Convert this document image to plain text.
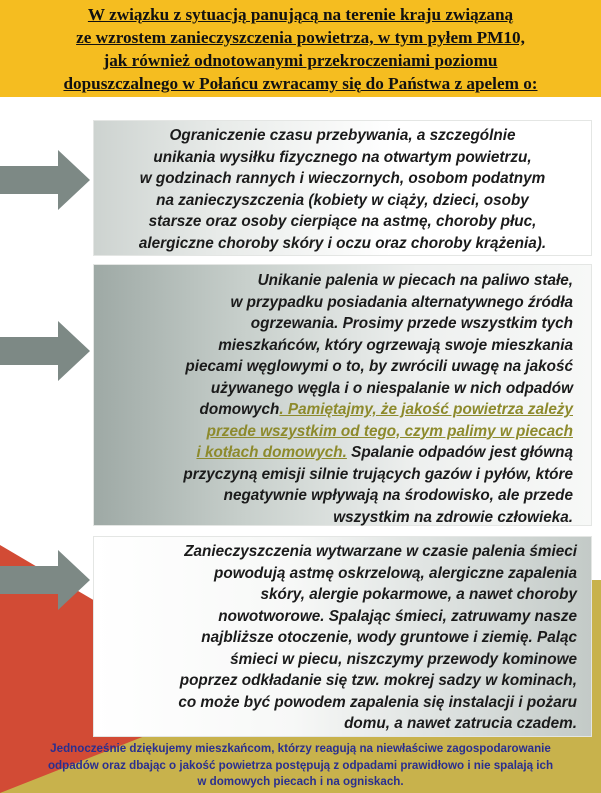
W związku z sytuacją panującą na terenie kraju związaną
ze wzrostem zanieczyszczenia powietrza, w tym pyłem PM10,
jak również odnotowanymi przekroczeniami poziomu
dopuszczalnego w Połańcu zwracamy się do Państwa z apelem o:
Ograniczenie czasu przebywania, a szczególnie
unikania wysiłku fizycznego na otwartym powietrzu,
w godzinach rannych i wieczornych, osobom podatnym
na zanieczyszczenia (kobiety w ciąży, dzieci, osoby
starsze oraz osoby cierpiące na astmę, choroby płuc,
alergiczne choroby skóry i oczu oraz choroby krążenia).
Unikanie palenia w piecach na paliwo stałe,
w przypadku posiadania alternatywnego źródła
ogrzewania. Prosimy przede wszystkim tych
mieszkańców, który ogrzewają swoje mieszkania
piecami węglowymi o to, by zwrócili uwagę na jakość
używanego węgla i o niespalanie w nich odpadów
domowych. Pamiętajmy, że jakość powietrza zależy
przede wszystkim od tego, czym palimy w piecach
i kotłach domowych. Spalanie odpadów jest główną
przyczyną emisji silnie trujących gazów i pyłów, które
negatywnie wpływają na środowisko, ale przede
wszystkim na zdrowie człowieka.
Zanieczyszczenia wytwarzane w czasie palenia śmieci
powodują astmę oskrzelową, alergiczne zapalenia
skóry, alergie pokarmowe, a nawet choroby
nowotworowe. Spalając śmieci, zatruwamy nasze
najbliższe otoczenie, wody gruntowe i ziemię. Paląc
śmieci w piecu, niszczymy przewody kominowe
poprzez odkładanie się tzw. mokrej sadzy w kominach,
co może być powodem zapalenia się instalacji i pożaru
domu, a nawet zatrucia czadem.
Jednocześnie dziękujemy mieszkańcom, którzy reagują na niewłaściwe zagospodarowanie
odpadów oraz dbając o jakość powietrza postępują z odpadami prawidłowo i nie spalają ich
w domowych piecach i na ogniskach.
